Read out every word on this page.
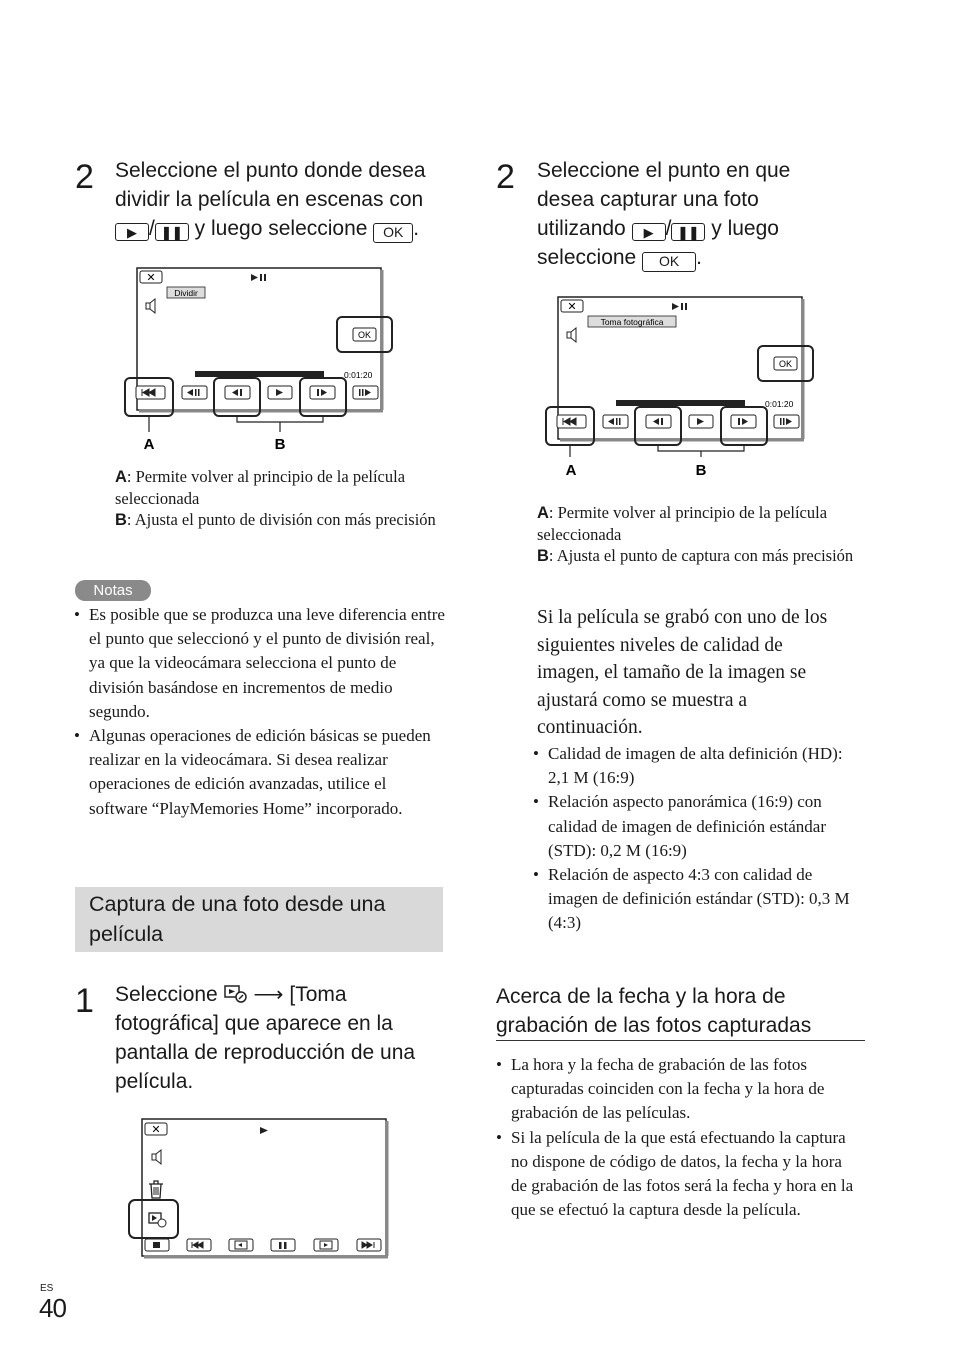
2 Seleccione el punto donde desea
dividir la película en escenas con
▶ / ❚❚ y luego seleccione OK .
✕
Dividir
OK
0:01:20
A	B
A: Permite volver al principio de la película seleccionada
B: Ajusta el punto de división con más precisión
Notas
• Es posible que se produzca una leve diferencia entre el punto que seleccionó y el punto de división real, ya que la videocámara selecciona el punto de división basándose en incrementos de medio segundo.
• Algunas operaciones de edición básicas se pueden realizar en la videocámara. Si desea realizar operaciones de edición avanzadas, utilice el software “PlayMemories Home” incorporado.
Captura de una foto desde una película
1 Seleccione  ⟶ [Toma fotográfica] que aparece en la pantalla de reproducción de una película.
✕
2 Seleccione el punto en que
desea capturar una foto
utilizando ▶ / ❚❚ y luego
seleccione OK .
✕
Toma fotográfica
OK
0:01:20
A	B
A: Permite volver al principio de la película seleccionada
B: Ajusta el punto de captura con más precisión
Si la película se grabó con uno de los siguientes niveles de calidad de imagen, el tamaño de la imagen se ajustará como se muestra a continuación.
• Calidad de imagen de alta definición (HD): 2,1 M (16:9)
• Relación aspecto panorámica (16:9) con calidad de imagen de definición estándar (STD): 0,2 M (16:9)
• Relación de aspecto 4:3 con calidad de imagen de definición estándar (STD): 0,3 M (4:3)
Acerca de la fecha y la hora de grabación de las fotos capturadas
• La hora y la fecha de grabación de las fotos capturadas coinciden con la fecha y la hora de grabación de las películas.
• Si la película de la que está efectuando la captura no dispone de código de datos, la fecha y la hora de grabación de las fotos será la fecha y hora en la que se efectuó la captura desde la película.
ES
40
